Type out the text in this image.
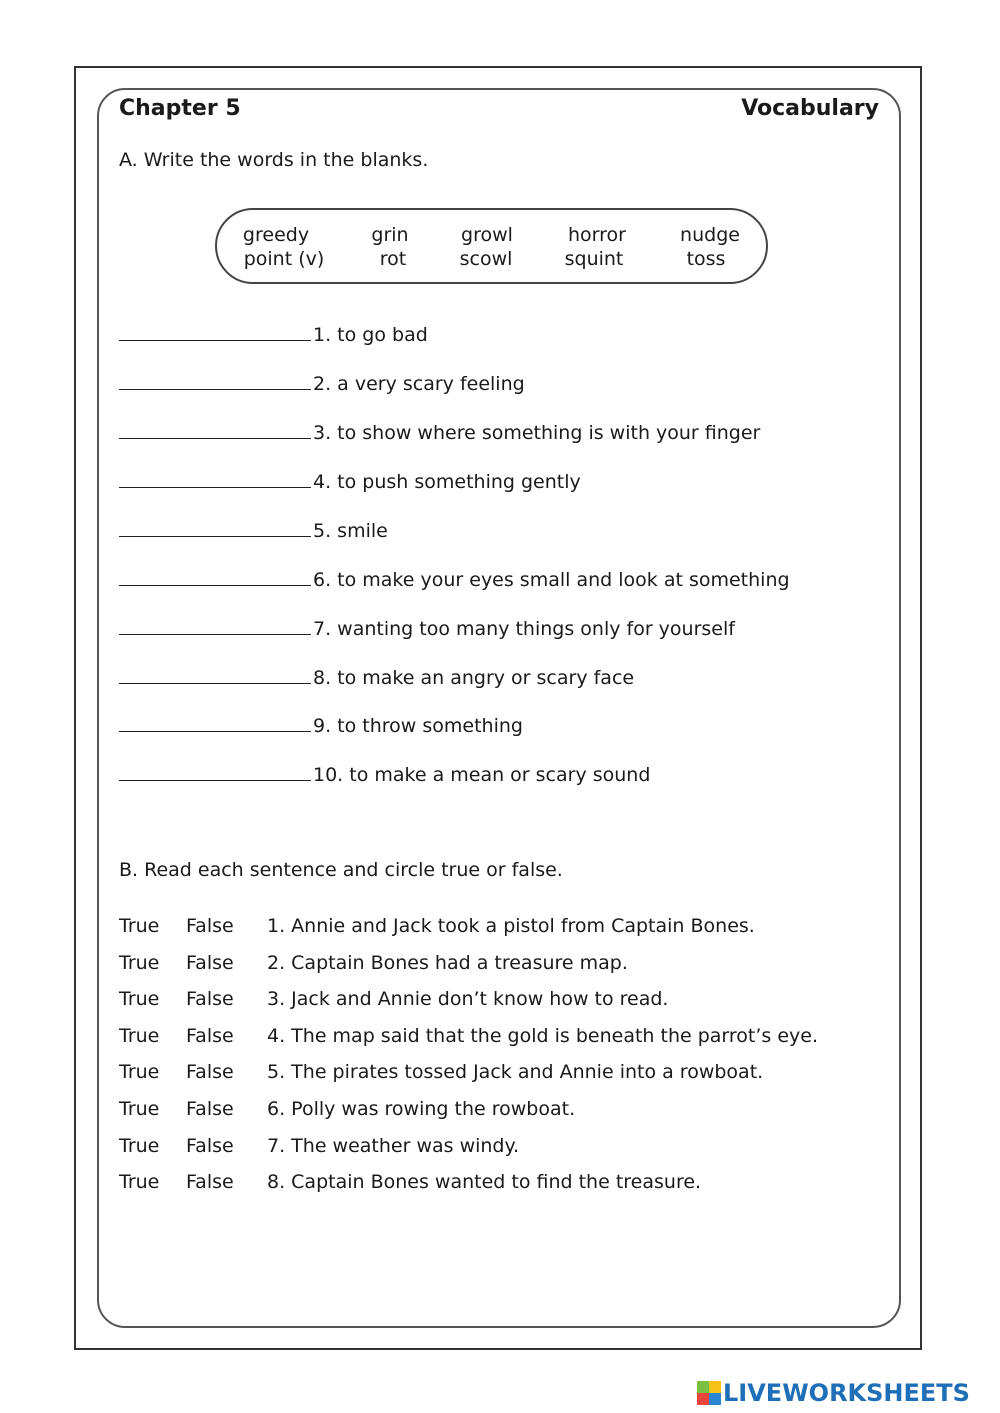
Chapter 5	Vocabulary
A. Write the words in the blanks.
greedy	grin	growl	horror	nudge
point (v)	rot	scowl	squint	toss
1. to go bad
2. a very scary feeling
3. to show where something is with your finger
4. to push something gently
5. smile
6. to make your eyes small and look at something
7. wanting too many things only for yourself
8. to make an angry or scary face
9. to throw something
10. to make a mean or scary sound
B. Read each sentence and circle true or false.
True False 1. Annie and Jack took a pistol from Captain Bones.
True False 2. Captain Bones had a treasure map.
True False 3. Jack and Annie don’t know how to read.
True False 4. The map said that the gold is beneath the parrot’s eye.
True False 5. The pirates tossed Jack and Annie into a rowboat.
True False 6. Polly was rowing the rowboat.
True False 7. The weather was windy.
True False 8. Captain Bones wanted to find the treasure.
LIVEWORKSHEETS
